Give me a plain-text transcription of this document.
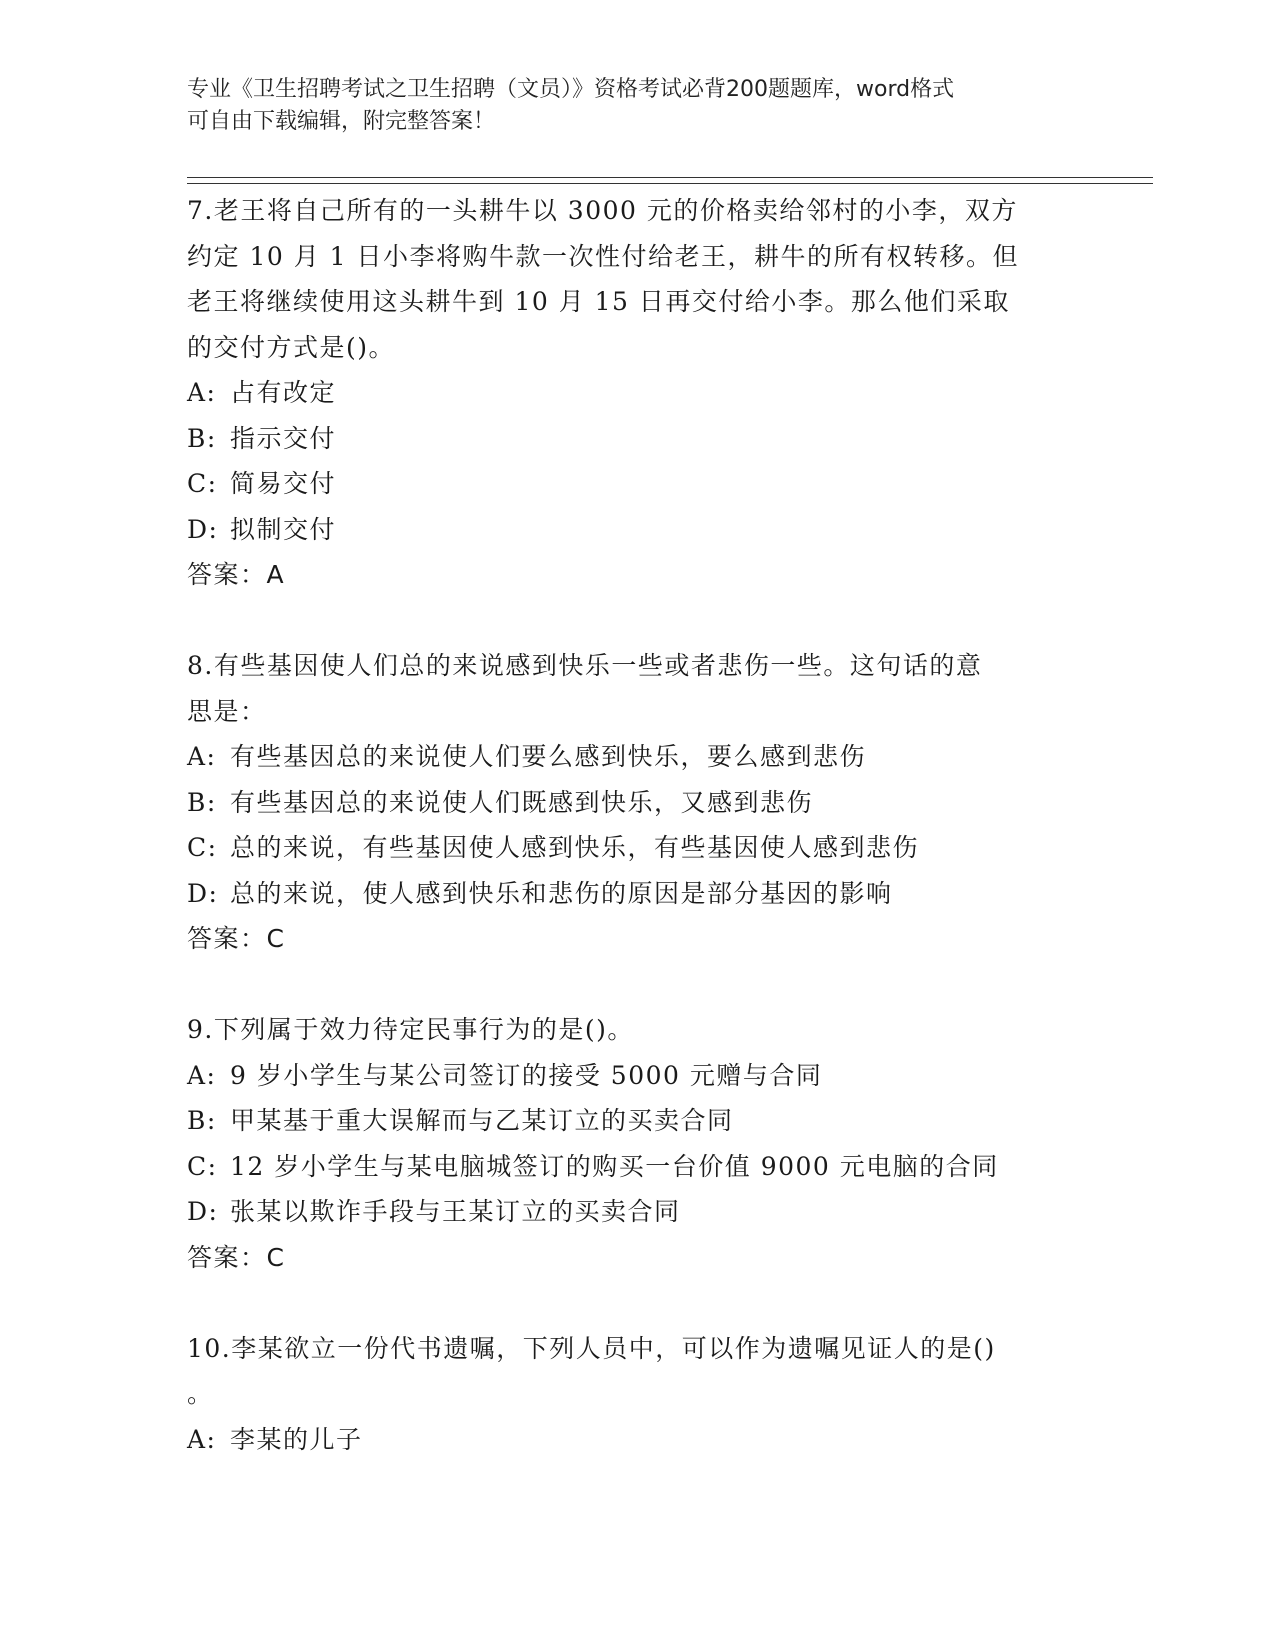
专业《卫生招聘考试之卫生招聘（文员）》资格考试必背200题题库，word格式
可自由下载编辑，附完整答案！

7.老王将自己所有的一头耕牛以 3000 元的价格卖给邻村的小李，双方

约定 10 月 1 日小李将购牛款一次性付给老王，耕牛的所有权转移。但

老王将继续使用这头耕牛到 10 月 15 日再交付给小李。那么他们采取

的交付方式是()。

A: 占有改定

B: 指示交付

C: 简易交付

D: 拟制交付

答案：A

8.有些基因使人们总的来说感到快乐一些或者悲伤一些。这句话的意

思是：

A: 有些基因总的来说使人们要么感到快乐，要么感到悲伤

B: 有些基因总的来说使人们既感到快乐，又感到悲伤

C: 总的来说，有些基因使人感到快乐，有些基因使人感到悲伤

D: 总的来说，使人感到快乐和悲伤的原因是部分基因的影响

答案：C

9.下列属于效力待定民事行为的是()。

A: 9 岁小学生与某公司签订的接受 5000 元赠与合同

B: 甲某基于重大误解而与乙某订立的买卖合同

C: 12 岁小学生与某电脑城签订的购买一台价值 9000 元电脑的合同

D: 张某以欺诈手段与王某订立的买卖合同

答案：C

10.李某欲立一份代书遗嘱，下列人员中，可以作为遗嘱见证人的是()

。

A: 李某的儿子
